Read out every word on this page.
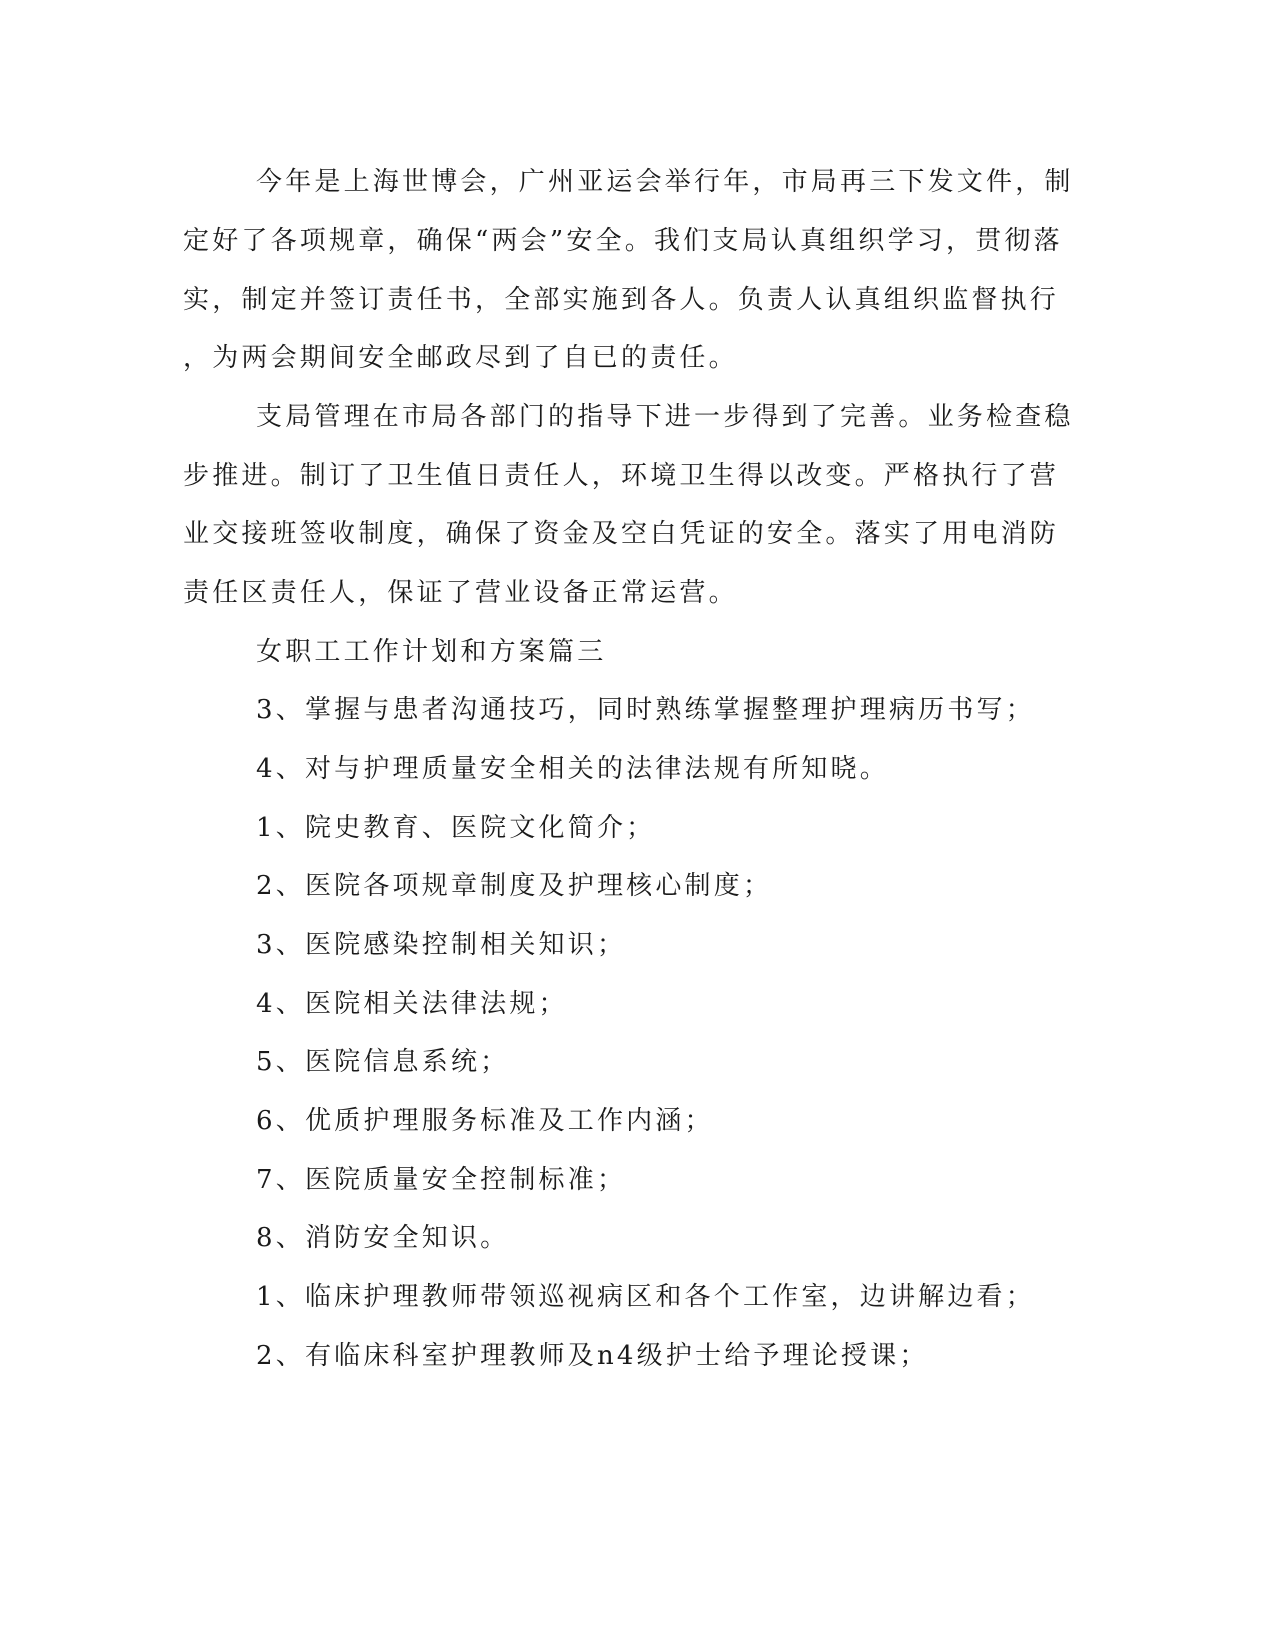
今年是上海世博会，广州亚运会举行年，市局再三下发文件，制
定好了各项规章，确保“两会”安全。我们支局认真组织学习，贯彻落
实，制定并签订责任书，全部实施到各人。负责人认真组织监督执行
，为两会期间安全邮政尽到了自已的责任。
支局管理在市局各部门的指导下进一步得到了完善。业务检查稳
步推进。制订了卫生值日责任人，环境卫生得以改变。严格执行了营
业交接班签收制度，确保了资金及空白凭证的安全。落实了用电消防
责任区责任人，保证了营业设备正常运营。
女职工工作计划和方案篇三
3、掌握与患者沟通技巧，同时熟练掌握整理护理病历书写；
4、对与护理质量安全相关的法律法规有所知晓。
1、院史教育、医院文化简介；
2、医院各项规章制度及护理核心制度；
3、医院感染控制相关知识；
4、医院相关法律法规；
5、医院信息系统；
6、优质护理服务标准及工作内涵；
7、医院质量安全控制标准；
8、消防安全知识。
1、临床护理教师带领巡视病区和各个工作室，边讲解边看；
2、有临床科室护理教师及n4级护士给予理论授课；
